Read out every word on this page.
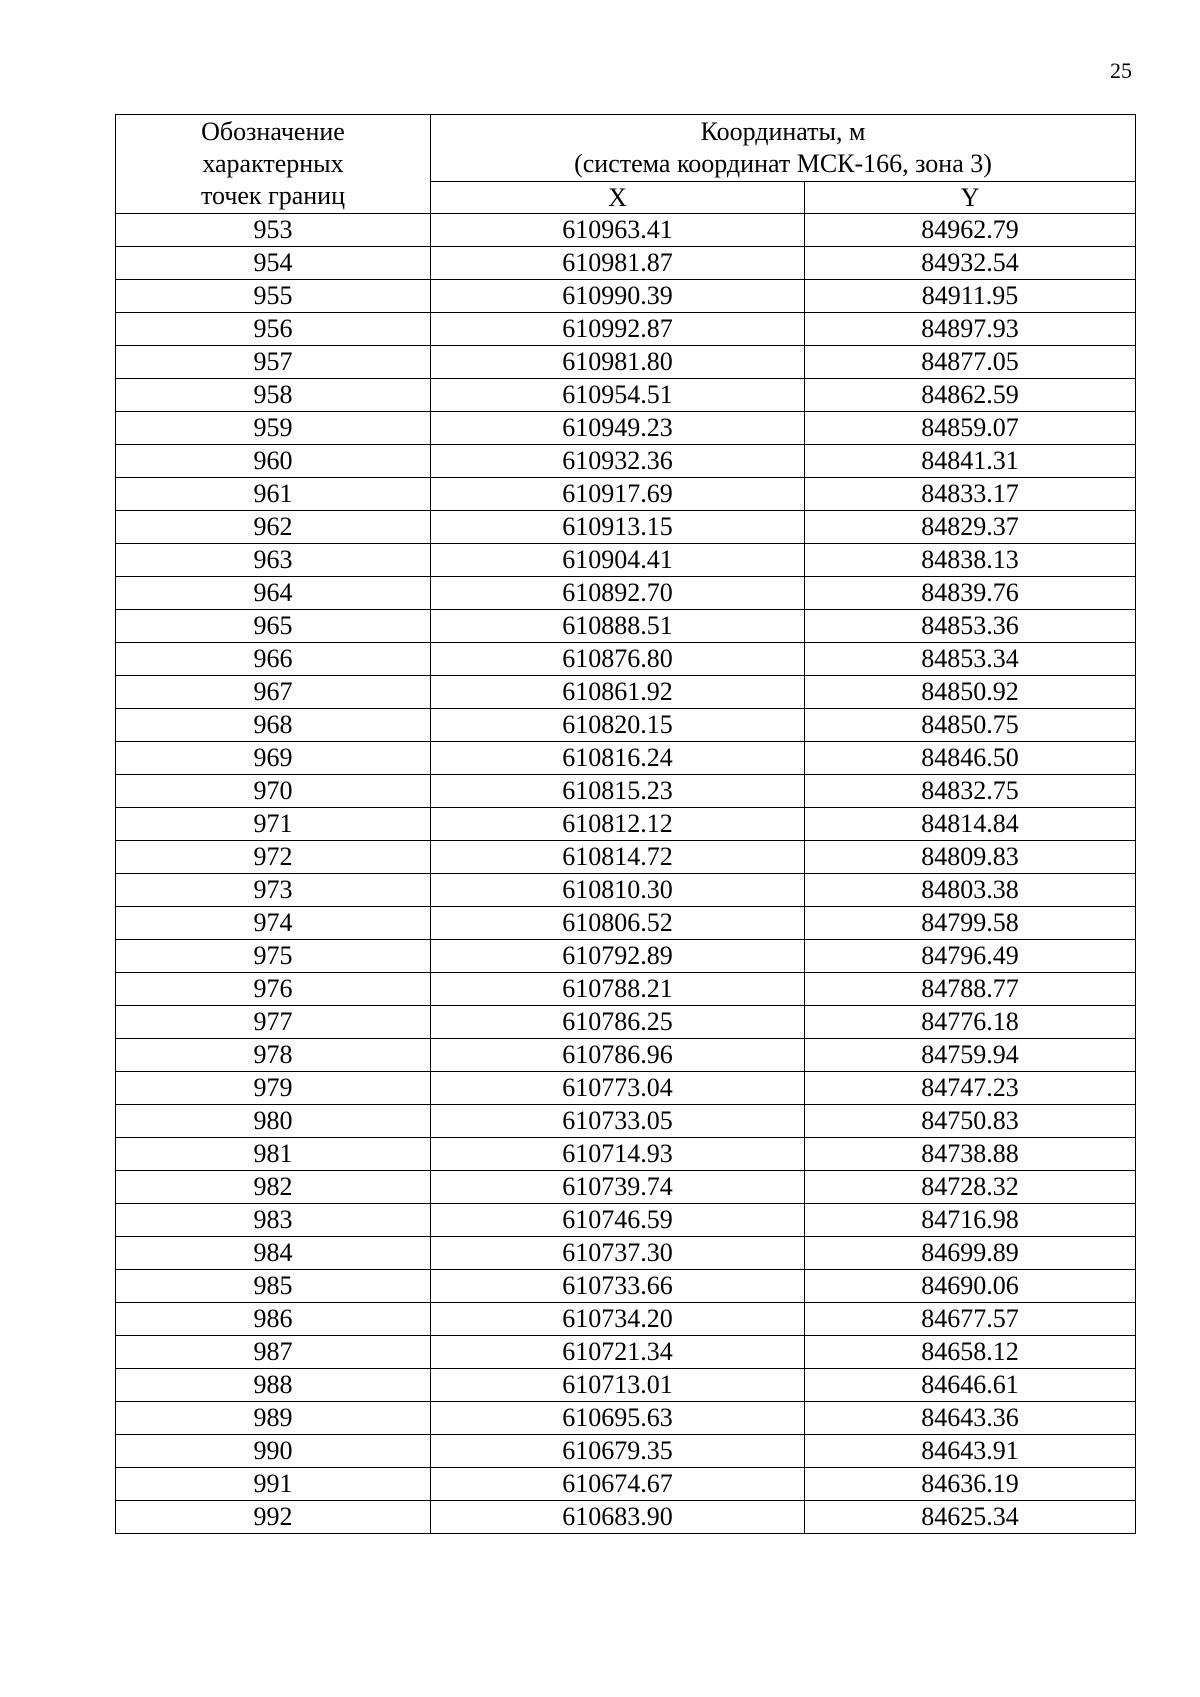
25
Обозначение
характерных
точек границ	Координаты, м
(система координат МСК-166, зона 3)	

	X	Y
953	610963.41	84962.79
954	610981.87	84932.54
955	610990.39	84911.95
956	610992.87	84897.93
957	610981.80	84877.05
958	610954.51	84862.59
959	610949.23	84859.07
960	610932.36	84841.31
961	610917.69	84833.17
962	610913.15	84829.37
963	610904.41	84838.13
964	610892.70	84839.76
965	610888.51	84853.36
966	610876.80	84853.34
967	610861.92	84850.92
968	610820.15	84850.75
969	610816.24	84846.50
970	610815.23	84832.75
971	610812.12	84814.84
972	610814.72	84809.83
973	610810.30	84803.38
974	610806.52	84799.58
975	610792.89	84796.49
976	610788.21	84788.77
977	610786.25	84776.18
978	610786.96	84759.94
979	610773.04	84747.23
980	610733.05	84750.83
981	610714.93	84738.88
982	610739.74	84728.32
983	610746.59	84716.98
984	610737.30	84699.89
985	610733.66	84690.06
986	610734.20	84677.57
987	610721.34	84658.12
988	610713.01	84646.61
989	610695.63	84643.36
990	610679.35	84643.91
991	610674.67	84636.19
992	610683.90	84625.34
